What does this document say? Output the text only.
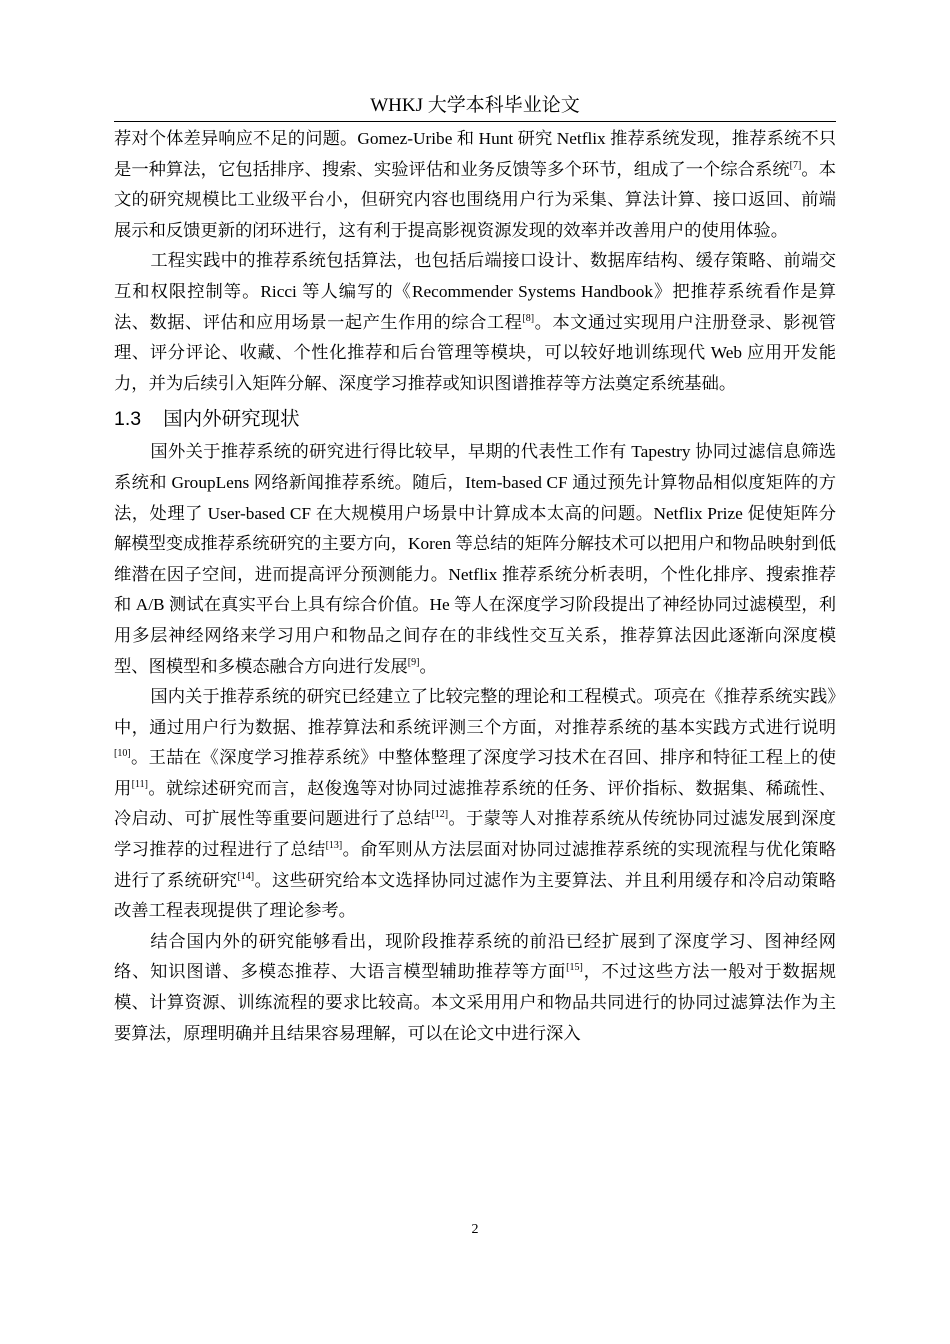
WHKJ 大学本科毕业论文

荐对个体差异响应不足的问题。Gomez-Uribe 和 Hunt 研究 Netflix 推荐系统发现，推荐系统不只是一种算法，它包括排序、搜索、实验评估和业务反馈等多个环节，组成了一个综合系统[7]。本文的研究规模比工业级平台小，但研究内容也围绕用户行为采集、算法计算、接口返回、前端展示和反馈更新的闭环进行，这有利于提高影视资源发现的效率并改善用户的使用体验。

工程实践中的推荐系统包括算法，也包括后端接口设计、数据库结构、缓存策略、前端交互和权限控制等。Ricci 等人编写的《Recommender Systems Handbook》把推荐系统看作是算法、数据、评估和应用场景一起产生作用的综合工程[8]。本文通过实现用户注册登录、影视管理、评分评论、收藏、个性化推荐和后台管理等模块，可以较好地训练现代 Web 应用开发能力，并为后续引入矩阵分解、深度学习推荐或知识图谱推荐等方法奠定系统基础。

1.3 国内外研究现状

国外关于推荐系统的研究进行得比较早，早期的代表性工作有 Tapestry 协同过滤信息筛选系统和 GroupLens 网络新闻推荐系统。随后，Item-based CF 通过预先计算物品相似度矩阵的方法，处理了 User-based CF 在大规模用户场景中计算成本太高的问题。Netflix Prize 促使矩阵分解模型变成推荐系统研究的主要方向，Koren 等总结的矩阵分解技术可以把用户和物品映射到低维潜在因子空间，进而提高评分预测能力。Netflix 推荐系统分析表明，个性化排序、搜索推荐和 A/B 测试在真实平台上具有综合价值。He 等人在深度学习阶段提出了神经协同过滤模型，利用多层神经网络来学习用户和物品之间存在的非线性交互关系，推荐算法因此逐渐向深度模型、图模型和多模态融合方向进行发展[9]。

国内关于推荐系统的研究已经建立了比较完整的理论和工程模式。项亮在《推荐系统实践》中，通过用户行为数据、推荐算法和系统评测三个方面，对推荐系统的基本实践方式进行说明[10]。王喆在《深度学习推荐系统》中整体整理了深度学习技术在召回、排序和特征工程上的使用[11]。就综述研究而言，赵俊逸等对协同过滤推荐系统的任务、评价指标、数据集、稀疏性、冷启动、可扩展性等重要问题进行了总结[12]。于蒙等人对推荐系统从传统协同过滤发展到深度学习推荐的过程进行了总结[13]。俞军则从方法层面对协同过滤推荐系统的实现流程与优化策略进行了系统研究[14]。这些研究给本文选择协同过滤作为主要算法、并且利用缓存和冷启动策略改善工程表现提供了理论参考。

结合国内外的研究能够看出，现阶段推荐系统的前沿已经扩展到了深度学习、图神经网络、知识图谱、多模态推荐、大语言模型辅助推荐等方面[15]，不过这些方法一般对于数据规模、计算资源、训练流程的要求比较高。本文采用用户和物品共同进行的协同过滤算法作为主要算法，原理明确并且结果容易理解，可以在论文中进行深入

2
